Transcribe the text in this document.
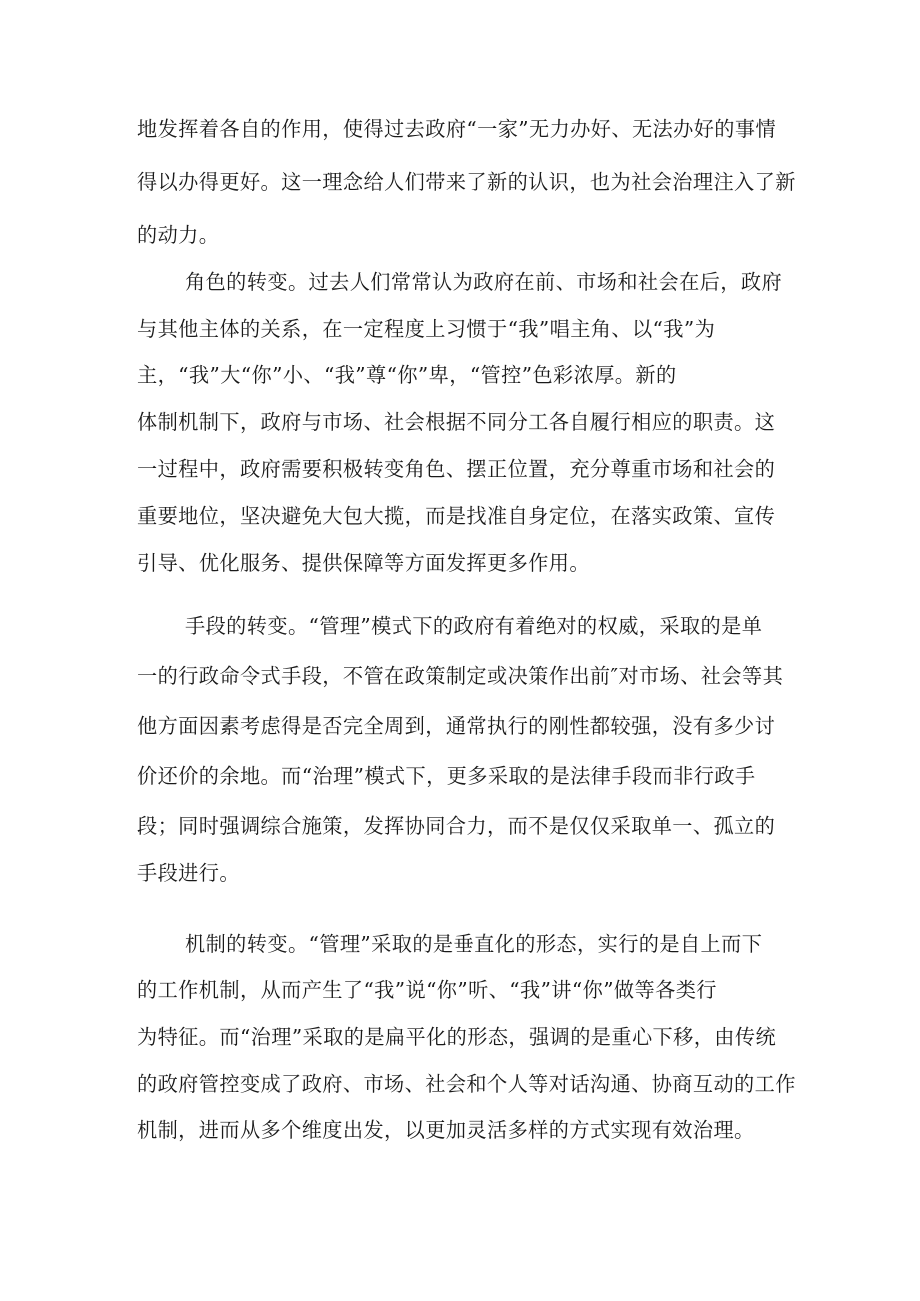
地发挥着各自的作用，使得过去政府“一家”无力办好、无法办好的事情
得以办得更好。这一理念给人们带来了新的认识，也为社会治理注入了新
的动力。
角色的转变。过去人们常常认为政府在前、市场和社会在后，政府
与其他主体的关系，在一定程度上习惯于“我”唱主角、以“我”为
主，“我”大“你”小、“我”尊“你”卑，“管控”色彩浓厚。新的
体制机制下，政府与市场、社会根据不同分工各自履行相应的职责。这
一过程中，政府需要积极转变角色、摆正位置，充分尊重市场和社会的
重要地位，坚决避免大包大揽，而是找准自身定位，在落实政策、宣传
引导、优化服务、提供保障等方面发挥更多作用。
手段的转变。“管理”模式下的政府有着绝对的权威，采取的是单
一的行政命令式手段，不管在政策制定或决策作出前″对市场、社会等其
他方面因素考虑得是否完全周到，通常执行的刚性都较强，没有多少讨
价还价的余地。而“治理”模式下，更多采取的是法律手段而非行政手
段；同时强调综合施策，发挥协同合力，而不是仅仅采取单一、孤立的
手段进行。
机制的转变。“管理”采取的是垂直化的形态，实行的是自上而下
的工作机制，从而产生了“我”说“你”听、“我”讲“你”做等各类行
为特征。而“治理”采取的是扁平化的形态，强调的是重心下移，由传统
的政府管控变成了政府、市场、社会和个人等对话沟通、协商互动的工作
机制，进而从多个维度出发，以更加灵活多样的方式实现有效治理。
